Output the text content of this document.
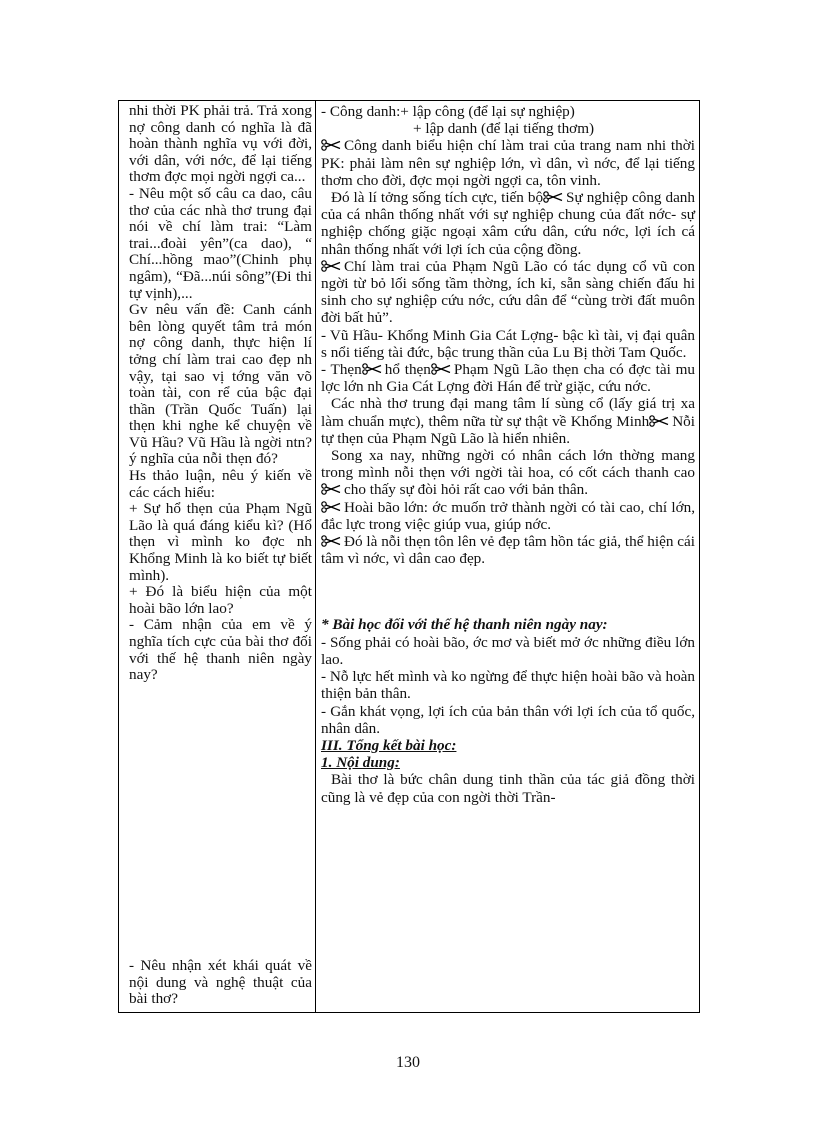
nhi thời PK phải trả. Trả xong nợ công danh có nghĩa là đã hoàn thành nghĩa vụ với đời, với dân, với nớc, để lại tiếng thơm đợc mọi ngời ngợi ca...

- Nêu một số câu ca dao, câu thơ của các nhà thơ trung đại nói về chí làm trai: “Làm trai...đoài yên”(ca dao), “ Chí...hồng mao”(Chinh phụ ngâm), “Đã...núi sông”(Đi thi tự vịnh),...

Gv nêu vấn đề: Canh cánh bên lòng quyết tâm trả món nợ công danh, thực hiện lí tởng chí làm trai cao đẹp nh vậy, tại sao vị tớng văn võ toàn tài, con rể của bậc đại thần (Trần Quốc Tuấn) lại thẹn khi nghe kể chuyện về Vũ Hầu? Vũ Hầu là ngời ntn? ý nghĩa của nỗi thẹn đó?

Hs thảo luận, nêu ý kiến về các cách hiểu:

+ Sự hổ thẹn của Phạm Ngũ Lão là quá đáng kiểu kì? (Hổ thẹn vì mình ko đợc nh Khổng Minh là ko biết tự biết mình).

+ Đó là biểu hiện của một hoài bão lớn lao?

- Cảm nhận của em về ý nghĩa tích cực của bài thơ đối với thế hệ thanh niên ngày nay?

- Nêu nhận xét khái quát về nội dung và nghệ thuật của bài thơ?

- Công danh:+ lập công (để lại sự nghiệp)

+ lập danh (để lại tiếng thơm)

Công danh biểu hiện chí làm trai của trang nam nhi thời PK: phải làm nên sự nghiệp lớn, vì dân, vì nớc, để lại tiếng thơm cho đời, đợc mọi ngời ngợi ca, tôn vinh.

Đó là lí tởng sống tích cực, tiến bộ Sự nghiệp công danh của cá nhân thống nhất với sự nghiệp chung của đất nớc- sự nghiệp chống giặc ngoại xâm cứu dân, cứu nớc, lợi ích cá nhân thống nhất với lợi ích của cộng đồng.

Chí làm trai của Phạm Ngũ Lão có tác dụng cổ vũ con ngời từ bỏ lối sống tầm thờng, ích kỉ, sẵn sàng chiến đấu hi sinh cho sự nghiệp cứu nớc, cứu dân để “cùng trời đất muôn đời bất hủ”.

- Vũ Hầu- Khổng Minh Gia Cát Lợng- bậc kì tài, vị đại quân s nổi tiếng tài đức, bậc trung thần của Lu Bị thời Tam Quốc.

- Thẹn hổ thẹn Phạm Ngũ Lão thẹn cha có đợc tài mu lợc lớn nh Gia Cát Lợng đời Hán để trừ giặc, cứu nớc.

Các nhà thơ trung đại mang tâm lí sùng cổ (lấy giá trị xa làm chuẩn mực), thêm nữa từ sự thật về Khổng Minh Nỗi tự thẹn của Phạm Ngũ Lão là hiển nhiên.

Song xa nay, những ngời có nhân cách lớn thờng mang trong mình nỗi thẹn với ngời tài hoa, có cốt cách thanh cao
cho thấy sự đòi hỏi rất cao với bản thân.

Hoài bão lớn: ớc muốn trở thành ngời có tài cao, chí lớn, đắc lực trong việc giúp vua, giúp nớc.

Đó là nỗi thẹn tôn lên vẻ đẹp tâm hồn tác giả, thể hiện cái tâm vì nớc, vì dân cao đẹp.

* Bài học đối với thế hệ thanh niên ngày nay:

- Sống phải có hoài bão, ớc mơ và biết mở ớc những điều lớn lao.

- Nỗ lực hết mình và ko ngừng để thực hiện hoài bão và hoàn thiện bản thân.

- Gắn khát vọng, lợi ích của bản thân với lợi ích của tổ quốc, nhân dân.

III. Tổng kết bài học:

1. Nội dung:

Bài thơ là bức chân dung tinh thần của tác giả đồng thời cũng là vẻ đẹp của con ngời thời Trần-

130
